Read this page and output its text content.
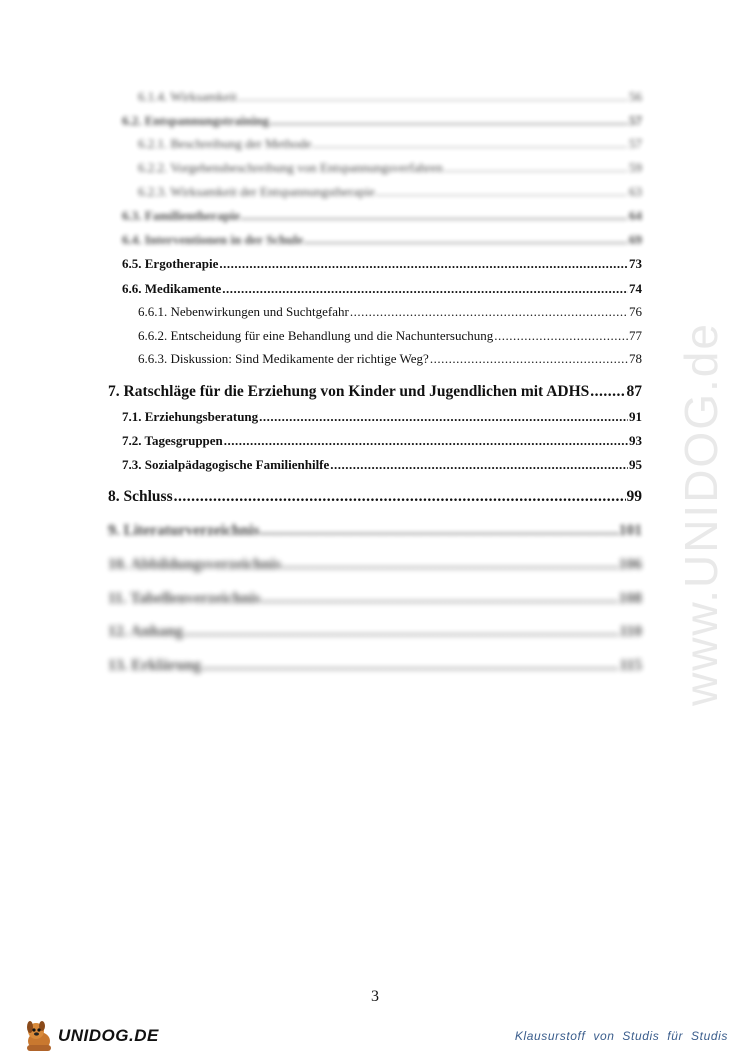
6.1.4. Wirksamkeit .....	56
6.2. Entspannungstraining .....	57
6.2.1. Beschreibung der Methode .....	57
6.2.2. Vorgehensbeschreibung von Entspannungsverfahren .....	59
6.2.3. Wirksamkeit der Entspannungstherapie .....	63
6.3. Familientherapie .....	64
6.4. Interventionen in der Schule .....	69
6.5. Ergotherapie .....	73
6.6. Medikamente .....	74
6.6.1. Nebenwirkungen und Suchtgefahr .....	76
6.6.2. Entscheidung für eine Behandlung und die Nachuntersuchung .....	77
6.6.3. Diskussion: Sind Medikamente der richtige Weg? .....	78
7. Ratschläge für die Erziehung von Kinder und Jugendlichen mit ADHS ..... 87
7.1. Erziehungsberatung .....	91
7.2. Tagesgruppen .....	93
7.3. Sozialpädagogische Familienhilfe .....	95
8. Schluss .....	99
9. Literaturverzeichnis .....	101
10. Abbildungsverzeichnis .....	106
11. Tabellenverzeichnis .....	108
12. Anhang .....	110
13. Erklärung .....	115 www.UNIDOG.de
3
UNIDOG.DE	Klausurstoff von Studis für Studis
